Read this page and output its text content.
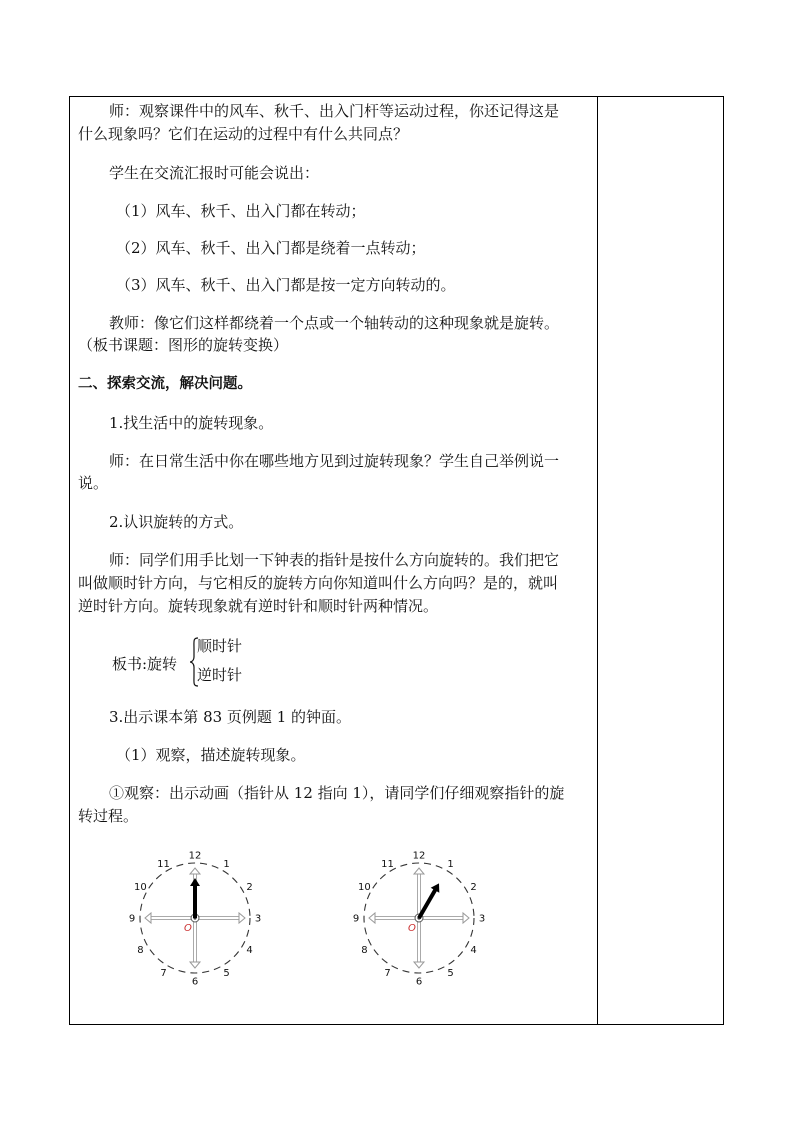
师：观察课件中的风车、秋千、出入门杆等运动过程，你还记得这是
什么现象吗？它们在运动的过程中有什么共同点？
学生在交流汇报时可能会说出：
（1）风车、秋千、出入门都在转动；
（2）风车、秋千、出入门都是绕着一点转动；
（3）风车、秋千、出入门都是按一定方向转动的。
教师：像它们这样都绕着一个点或一个轴转动的这种现象就是旋转。
（板书课题：图形的旋转变换）
二、探索交流，解决问题。
1.找生活中的旋转现象。
师：在日常生活中你在哪些地方见到过旋转现象？学生自己举例说一
说。
2.认识旋转的方式。
师：同学们用手比划一下钟表的指针是按什么方向旋转的。我们把它
叫做顺时针方向，与它相反的旋转方向你知道叫什么方向吗？是的，就叫
逆时针方向。旋转现象就有逆时针和顺时针两种情况。
板书:旋转
顺时针
逆时针
3.出示课本第 83 页例题 1 的钟面。
（1）观察，描述旋转现象。
①观察：出示动画（指针从 12 指向 1），请同学们仔细观察指针的旋
转过程。
12
1
2
3
4
5
6
7
8
9
10
11
O
12
1
2
3
4
5
6
7
8
9
10
11
O
